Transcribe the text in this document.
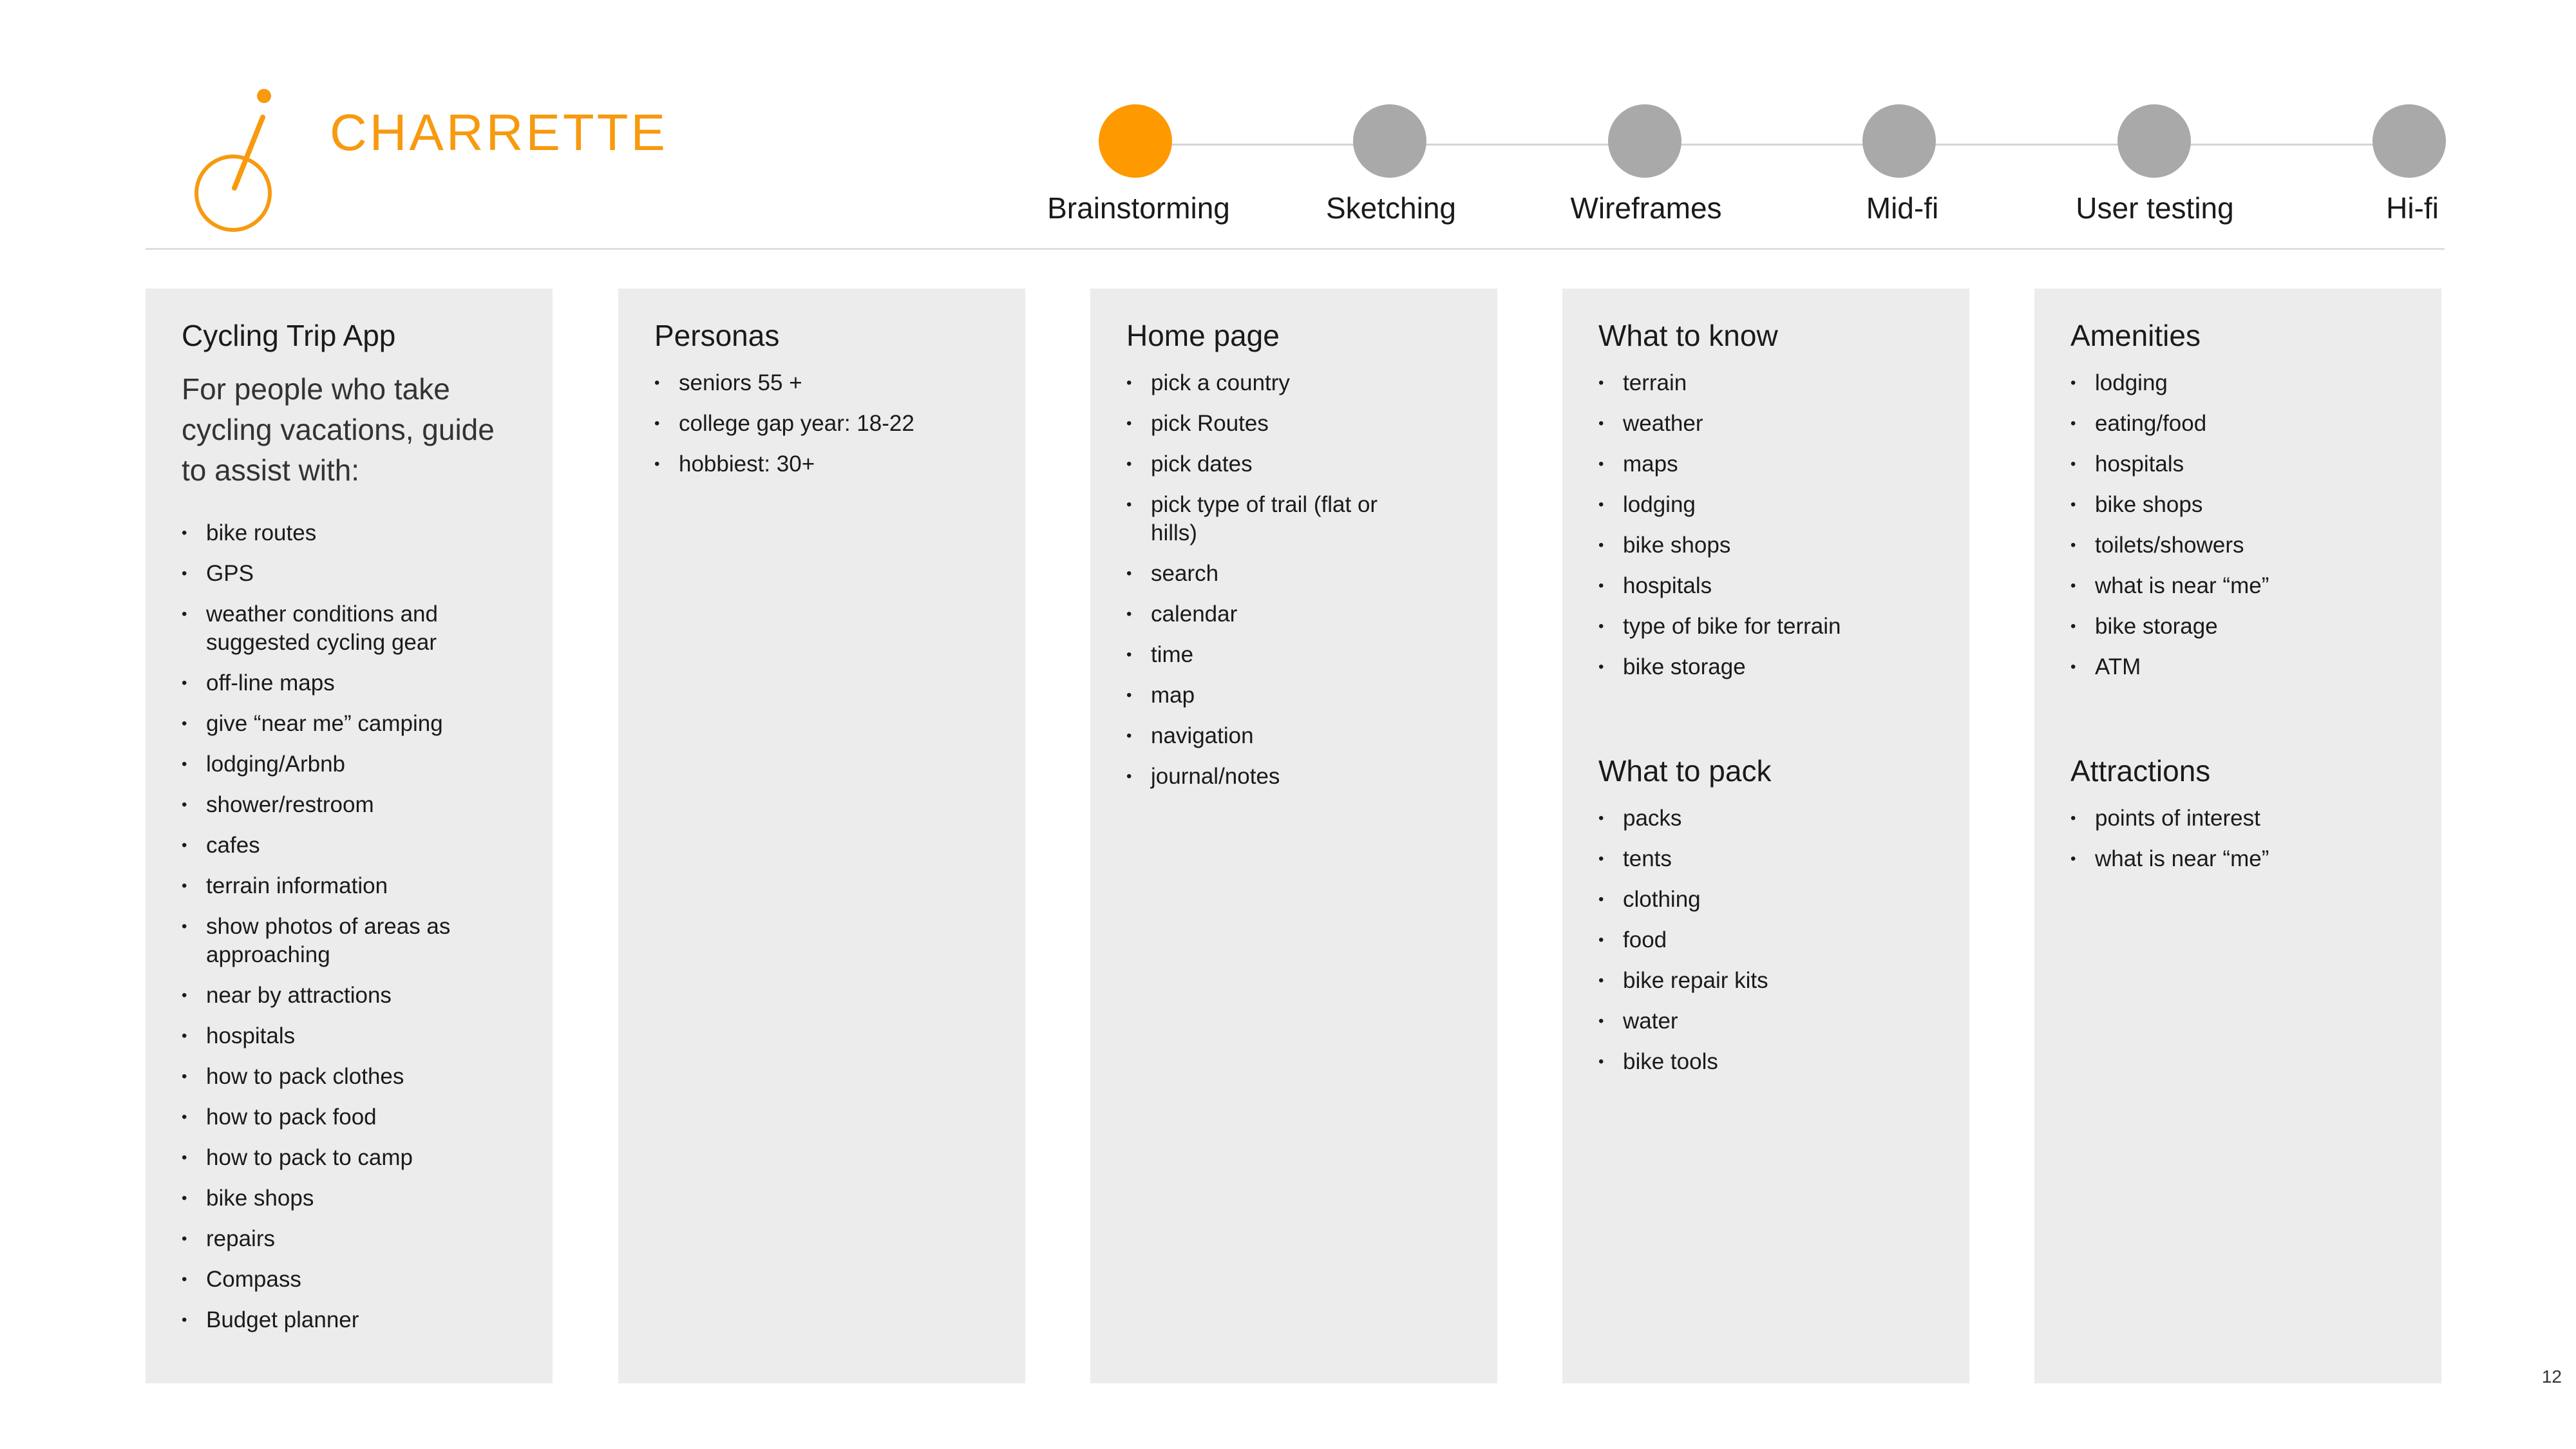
CHARRETTE
Brainstorming	Sketching	Wireframes	Mid-fi	User testing	Hi-fi
Cycling Trip App
For people who take cycling vacations, guide to assist with:
• bike routes
• GPS
• weather conditions and suggested cycling gear
• off-line maps
• give “near me” camping
• lodging/Arbnb
• shower/restroom
• cafes
• terrain information
• show photos of areas as approaching
• near by attractions
• hospitals
• how to pack clothes
• how to pack food
• how to pack to camp
• bike shops
• repairs
• Compass
• Budget planner
Personas
• seniors 55 +
• college gap year: 18-22
• hobbiest: 30+
Home page
• pick a country
• pick Routes
• pick dates
• pick type of trail (flat or hills)
• search
• calendar
• time
• map
• navigation
• journal/notes
What to know
• terrain
• weather
• maps
• lodging
• bike shops
• hospitals
• type of bike for terrain
• bike storage
What to pack
• packs
• tents
• clothing
• food
• bike repair kits
• water
• bike tools
Amenities
• lodging
• eating/food
• hospitals
• bike shops
• toilets/showers
• what is near “me”
• bike storage
• ATM
Attractions
• points of interest
• what is near “me”
12
